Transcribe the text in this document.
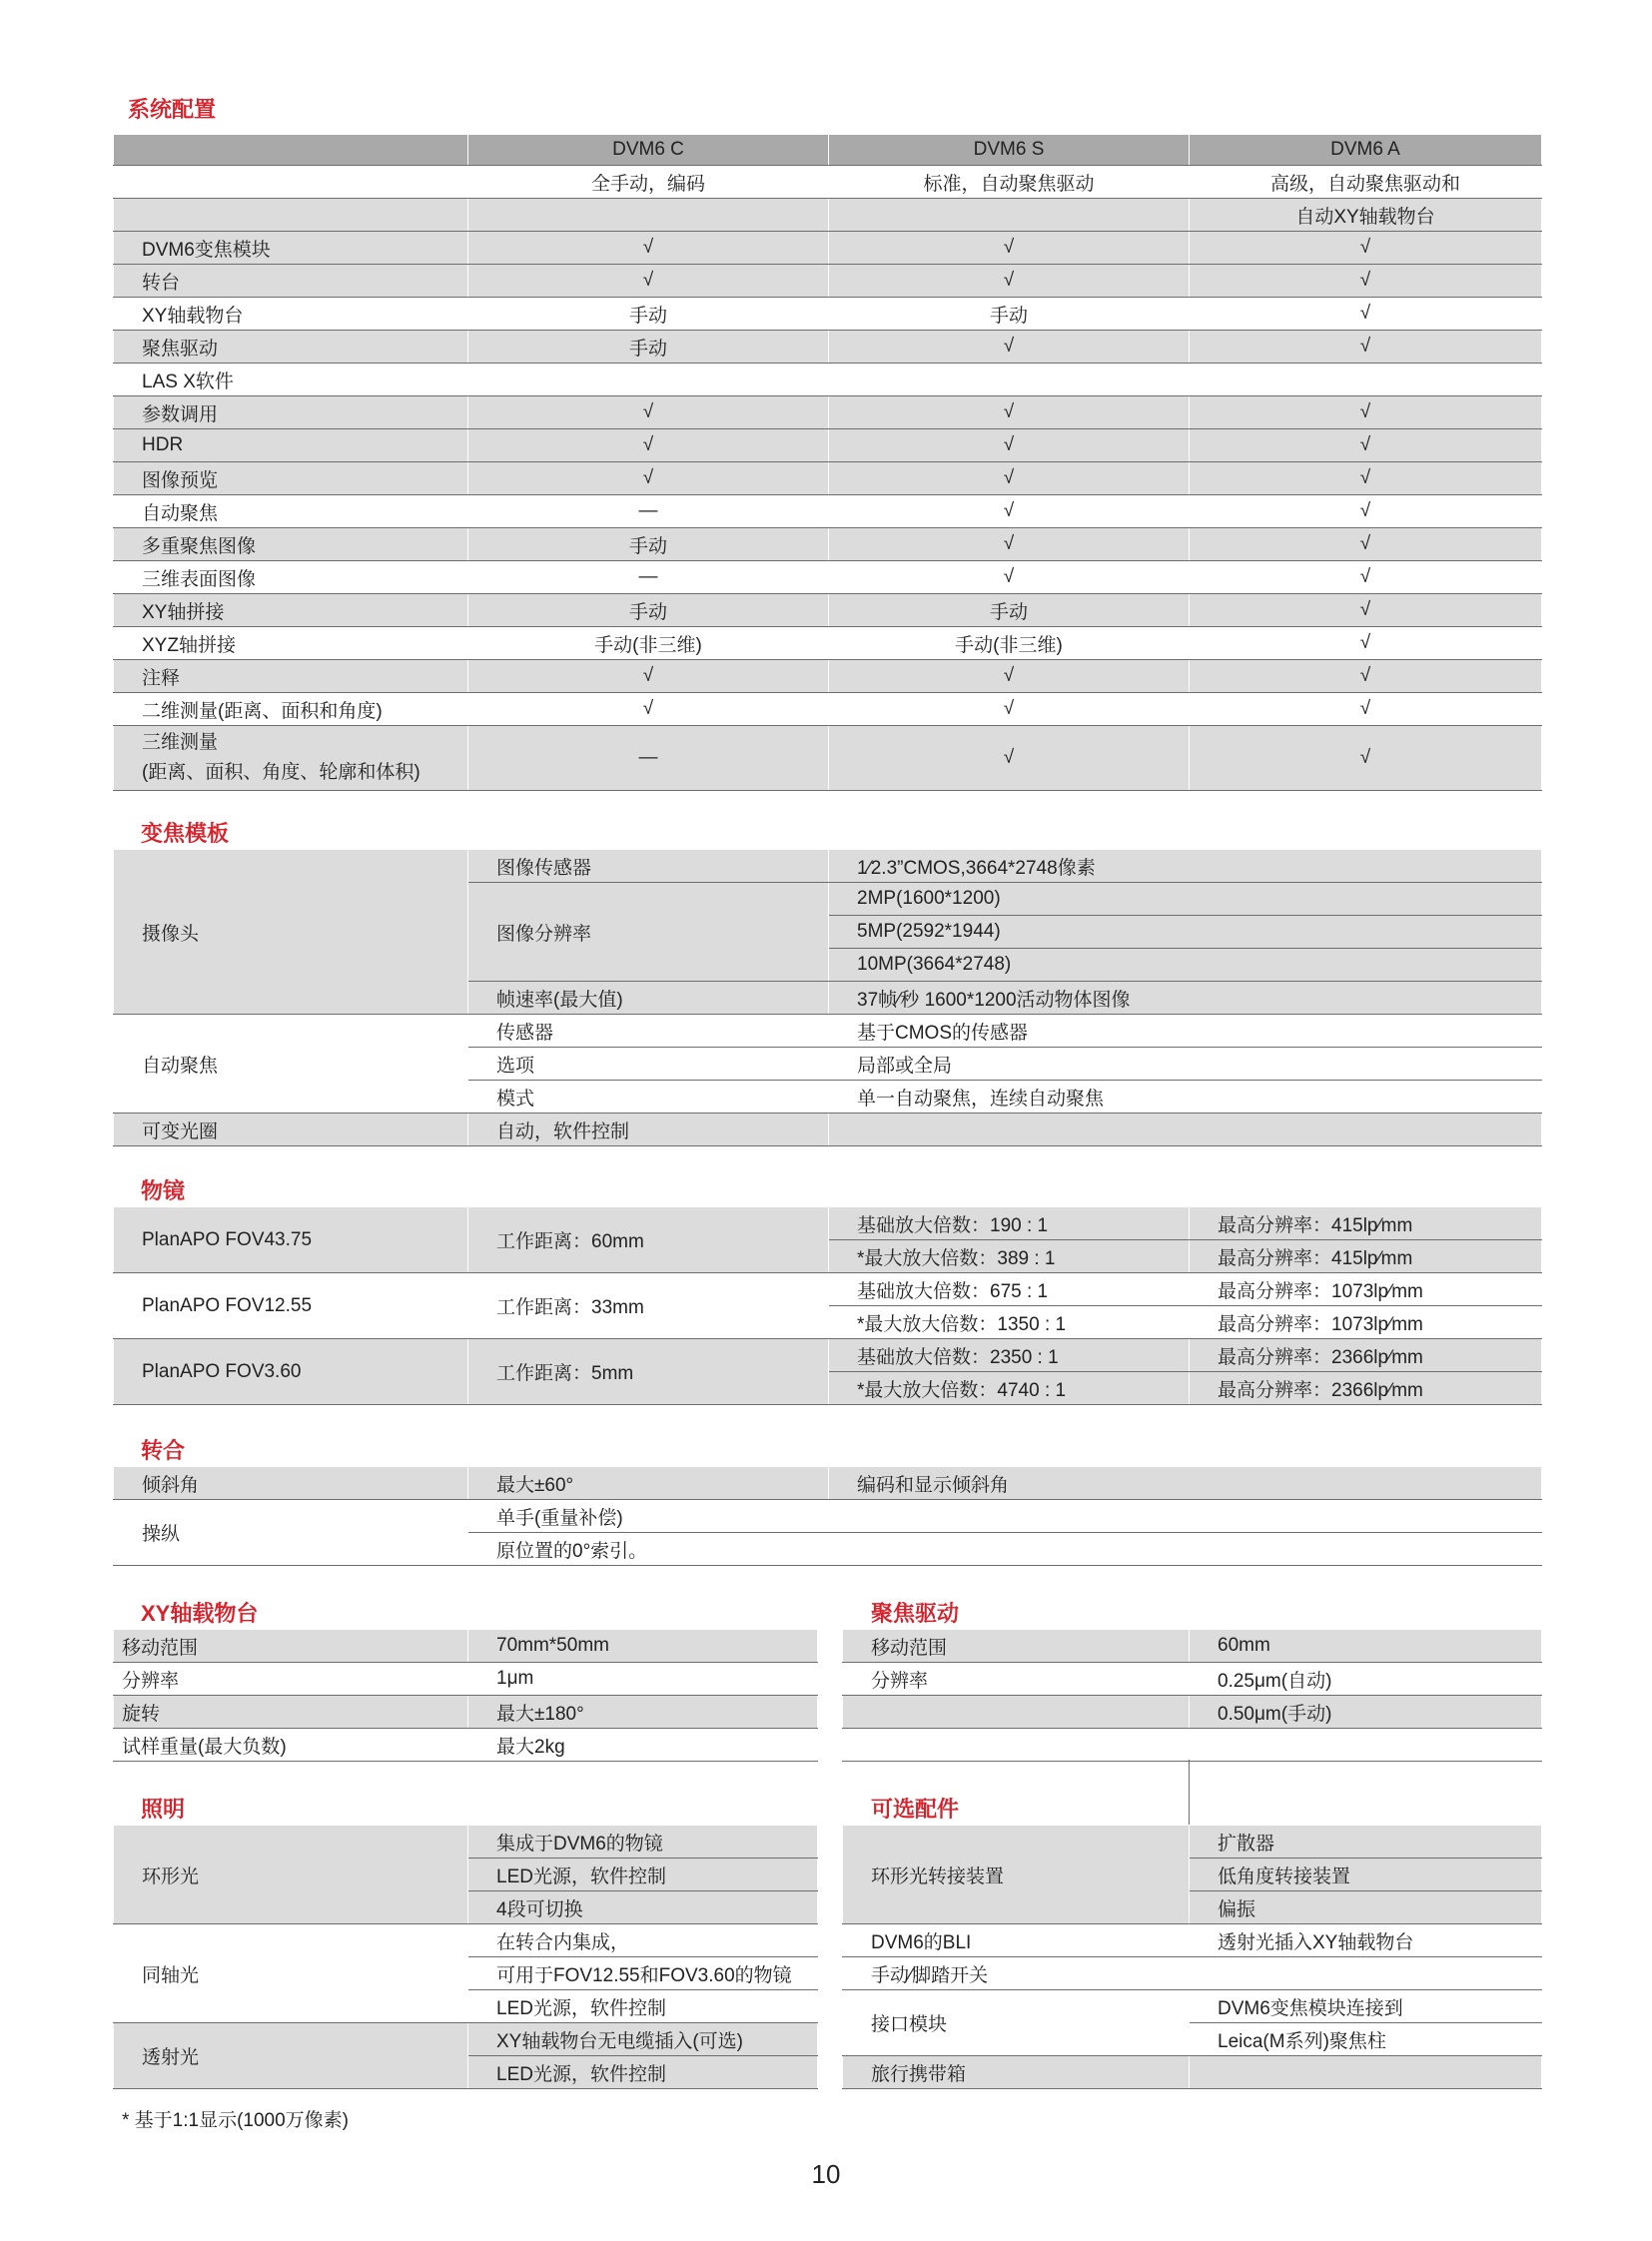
系统配置
	DVM6 C	DVM6 S	DVM6 A
	全手动，编码	标准，自动聚焦驱动	高级，自动聚焦驱动和
			自动XY轴载物台
DVM6变焦模块	√	√	√
转台	√	√	√
XY轴载物台	手动	手动	√
聚焦驱动	手动	√	√
LAS X软件			
参数调用	√	√	√
HDR	√	√	√
图像预览	√	√	√
自动聚焦	—	√	√
多重聚焦图像	手动	√	√
三维表面图像	—	√	√
XY轴拼接	手动	手动	√
XYZ轴拼接	手动(非三维)	手动(非三维)	√
注释	√	√	√
二维测量(距离、面积和角度)	√	√	√
三维测量
(距离、面积、角度、轮廓和体积)	—	√	√
变焦模板
摄像头	图像传感器	1⁄2.3”CMOS,3664*2748像素
	图像分辨率	2MP(1600*1200)
		5MP(2592*1944)
		10MP(3664*2748)
	帧速率(最大值)	37帧⁄秒 1600*1200活动物体图像
自动聚焦	传感器	基于CMOS的传感器
	选项	局部或全局
	模式	单一自动聚焦，连续自动聚焦
可变光圈	自动，软件控制	
物镜
PlanAPO FOV43.75	工作距离：60mm	基础放大倍数：190 : 1	最高分辨率：415lp⁄mm
		*最大放大倍数：389 : 1	最高分辨率：415lp⁄mm
PlanAPO FOV12.55	工作距离：33mm	基础放大倍数：675 : 1	最高分辨率：1073lp⁄mm
		*最大放大倍数：1350 : 1	最高分辨率：1073lp⁄mm
PlanAPO FOV3.60	工作距离：5mm	基础放大倍数：2350 : 1	最高分辨率：2366lp⁄mm
		*最大放大倍数：4740 : 1	最高分辨率：2366lp⁄mm
转合
倾斜角	最大±60°	编码和显示倾斜角
操纵	单手(重量补偿)	
	原位置的0°索引。	
XY轴载物台
移动范围	70mm*50mm
分辨率	1μm
旋转	最大±180°
试样重量(最大负数)	最大2kg
聚焦驱动
移动范围	60mm
分辨率	0.25μm(自动)
	0.50μm(手动)

照明
环形光	集成于DVM6的物镜
	LED光源，软件控制
	4段可切换
同轴光	在转合内集成，
	可用于FOV12.55和FOV3.60的物镜
	LED光源，软件控制
透射光	XY轴载物台无电缆插入(可选)
	LED光源，软件控制
可选配件
环形光转接装置	扩散器
	低角度转接装置
	偏振
DVM6的BLI	透射光插入XY轴载物台
手动⁄脚踏开关	
接口模块	DVM6变焦模块连接到
	Leica(M系列)聚焦柱
旅行携带箱	
* 基于1:1显示(1000万像素)
10
